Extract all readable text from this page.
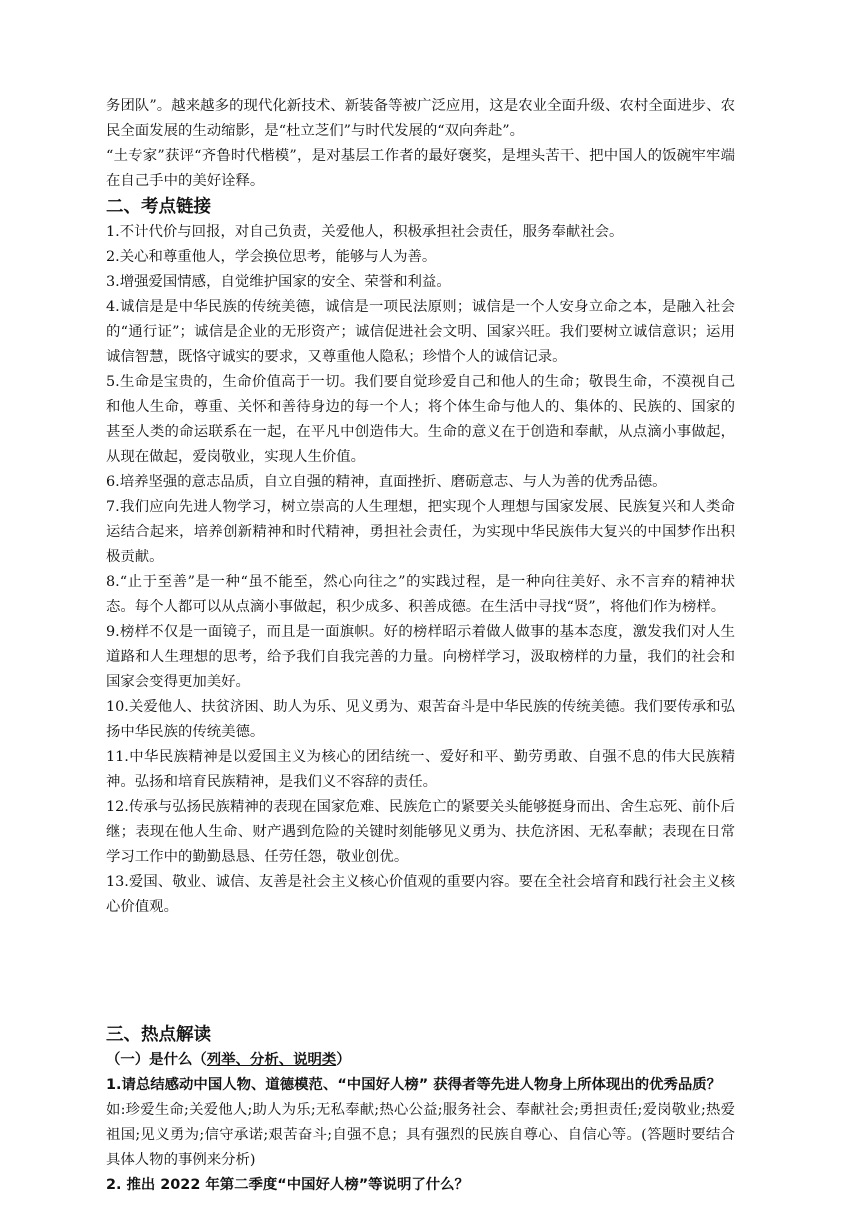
务团队”。越来越多的现代化新技术、新装备等被广泛应用，这是农业全面升级、农村全面进步、农民全面发展的生动缩影，是“杜立芝们”与时代发展的“双向奔赴”。

“土专家”获评“齐鲁时代楷模”，是对基层工作者的最好褒奖，是埋头苦干、把中国人的饭碗牢牢端在自己手中的美好诠释。

二、考点链接

1.不计代价与回报，对自己负责，关爱他人，积极承担社会责任，服务奉献社会。

2.关心和尊重他人，学会换位思考，能够与人为善。

3.增强爱国情感，自觉维护国家的安全、荣誉和利益。

4.诚信是是中华民族的传统美德，诚信是一项民法原则；诚信是一个人安身立命之本，是融入社会的“通行证”；诚信是企业的无形资产；诚信促进社会文明、国家兴旺。我们要树立诚信意识；运用诚信智慧，既恪守诚实的要求，又尊重他人隐私；珍惜个人的诚信记录。

5.生命是宝贵的，生命价值高于一切。我们要自觉珍爱自己和他人的生命；敬畏生命，不漠视自己和他人生命，尊重、关怀和善待身边的每一个人；将个体生命与他人的、集体的、民族的、国家的甚至人类的命运联系在一起，在平凡中创造伟大。生命的意义在于创造和奉献，从点滴小事做起，从现在做起，爱岗敬业，实现人生价值。

6.培养坚强的意志品质，自立自强的精神，直面挫折、磨砺意志、与人为善的优秀品德。

7.我们应向先进人物学习，树立崇高的人生理想，把实现个人理想与国家发展、民族复兴和人类命运结合起来，培养创新精神和时代精神，勇担社会责任，为实现中华民族伟大复兴的中国梦作出积极贡献。

8.“止于至善”是一种“虽不能至，然心向往之”的实践过程，是一种向往美好、永不言弃的精神状态。每个人都可以从点滴小事做起，积少成多、积善成德。在生活中寻找“贤”，将他们作为榜样。

9.榜样不仅是一面镜子，而且是一面旗帜。好的榜样昭示着做人做事的基本态度，激发我们对人生道路和人生理想的思考，给予我们自我完善的力量。向榜样学习，汲取榜样的力量，我们的社会和国家会变得更加美好。

10.关爱他人、扶贫济困、助人为乐、见义勇为、艰苦奋斗是中华民族的传统美德。我们要传承和弘扬中华民族的传统美德。

11.中华民族精神是以爱国主义为核心的团结统一、爱好和平、勤劳勇敢、自强不息的伟大民族精神。弘扬和培育民族精神，是我们义不容辞的责任。

12.传承与弘扬民族精神的表现在国家危难、民族危亡的紧要关头能够挺身而出、舍生忘死、前仆后继；表现在他人生命、财产遇到危险的关键时刻能够见义勇为、扶危济困、无私奉献；表现在日常学习工作中的勤勤恳恳、任劳任怨，敬业创优。

13.爱国、敬业、诚信、友善是社会主义核心价值观的重要内容。要在全社会培育和践行社会主义核心价值观。

三、热点解读

（一）是什么（列举、分析、说明类）

1.请总结感动中国人物、道德模范、“中国好人榜” 获得者等先进人物身上所体现出的优秀品质？

如:珍爱生命;关爱他人;助人为乐;无私奉献;热心公益;服务社会、奉献社会;勇担责任;爱岗敬业;热爱祖国;见义勇为;信守承诺;艰苦奋斗;自强不息；具有强烈的民族自尊心、自信心等。(答题时要结合具体人物的事例来分析)

2. 推出 2022 年第二季度“中国好人榜”等说明了什么？
